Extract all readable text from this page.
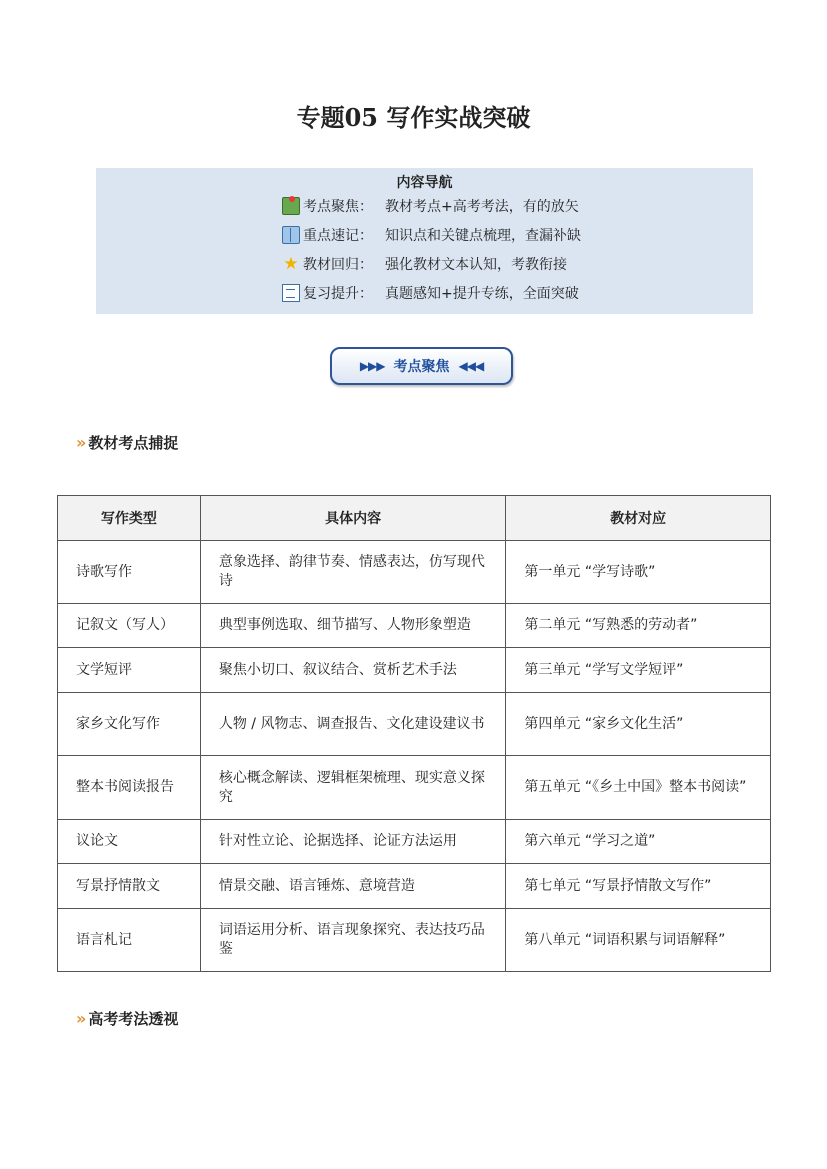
专题05 写作实战突破
内容导航
考点聚焦： 教材考点+高考考法，有的放矢
重点速记： 知识点和关键点梳理，查漏补缺
★ 教材回归： 强化教材文本认知，考教衔接
复习提升： 真题感知+提升专练，全面突破
▶▶▶ 考点聚焦 ◀◀◀
» 教材考点捕捉
写作类型	具体内容	教材对应
诗歌写作	意象选择、韵律节奏、情感表达，仿写现代诗	第一单元 “学写诗歌”
记叙文（写人）	典型事例选取、细节描写、人物形象塑造	第二单元 “写熟悉的劳动者”
文学短评	聚焦小切口、叙议结合、赏析艺术手法	第三单元 “学写文学短评”
家乡文化写作	人物 / 风物志、调查报告、文化建设建议书	第四单元 “家乡文化生活”
整本书阅读报告	核心概念解读、逻辑框架梳理、现实意义探究	第五单元 “《乡土中国》整本书阅读”
议论文	针对性立论、论据选择、论证方法运用	第六单元 “学习之道”
写景抒情散文	情景交融、语言锤炼、意境营造	第七单元 “写景抒情散文写作”
语言札记	词语运用分析、语言现象探究、表达技巧品鉴	第八单元 “词语积累与词语解释”
» 高考考法透视
